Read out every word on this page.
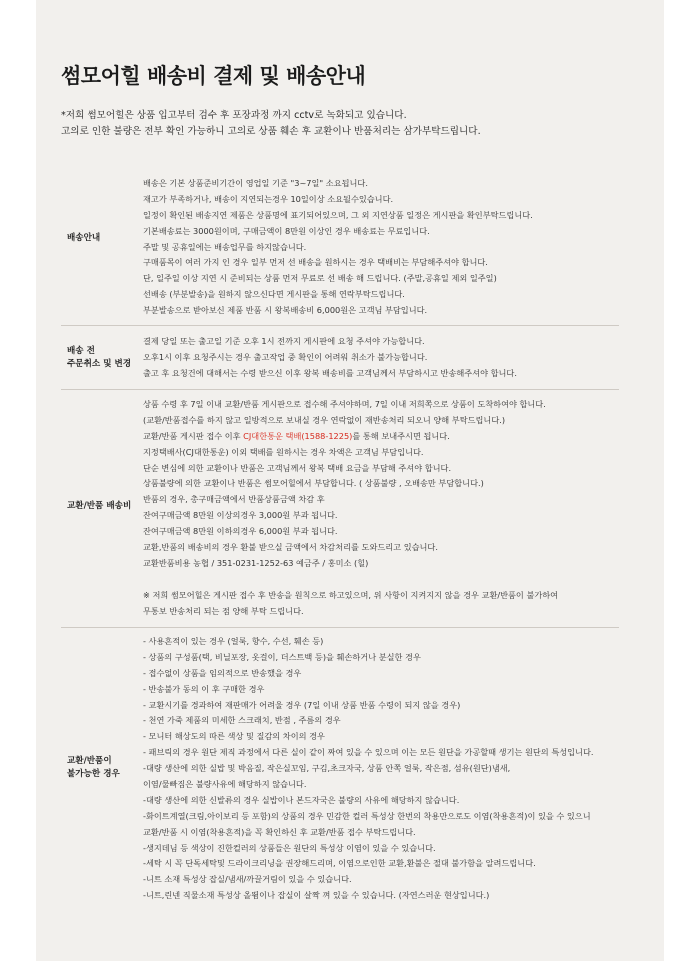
썸모어힐 배송비 결제 및 배송안내
*저희 썸모어힐은 상품 입고부터 검수 후 포장과정 까지 cctv로 녹화되고 있습니다.
고의로 인한 불량은 전부 확인 가능하니 고의로 상품 훼손 후 교환이나 반품처리는 삼가부탁드립니다.
배송안내
배송은 기본 상품준비기간이 영업일 기준 "3~7일" 소요됩니다.
재고가 부족하거나, 배송이 지연되는경우 10일이상 소요될수있습니다.
일정이 확인된 배송지연 제품은 상품명에 표기되어있으며, 그 외 지연상품 일정은 게시판을 확인부탁드립니다.
기본배송료는 3000원이며, 구매금액이 8만원 이상인 경우 배송료는 무료입니다.
주말 및 공휴일에는 배송업무를 하지않습니다.
구매품목이 여러 가지 인 경우 일부 먼저 선 배송을 원하시는 경우 택배비는 부담해주셔야 합니다.
단, 일주일 이상 지연 시 준비되는 상품 먼저 무료로 선 배송 해 드립니다. (주말,공휴일 제외 일주일)
선배송 (부분발송)을 원하지 않으신다면 게시판을 통해 연락부탁드립니다.
부분발송으로 받아보신 제품 반품 시 왕복배송비 6,000원은 고객님 부담입니다.
배송 전
주문취소 및 변경
결제 당일 또는 출고일 기준 오후 1시 전까지 게시판에 요청 주셔야 가능합니다.
오후1시 이후 요청주시는 경우 출고작업 중 확인이 어려워 취소가 불가능합니다.
출고 후 요청건에 대해서는 수령 받으신 이후 왕복 배송비를 고객님께서 부담하시고 반송해주셔야 합니다.
교환/반품 배송비
상품 수령 후 7일 이내 교환/반품 게시판으로 접수해 주셔야하며, 7일 이내 저희쪽으로 상품이 도착하여야 합니다.
(교환/반품접수를 하지 않고 일방적으로 보내실 경우 연락없이 재반송처리 되오니 양해 부탁드립니다.)
교환/반품 게시판 접수 이후 CJ대한통운 택배(1588-1225)를 통해 보내주시면 됩니다.
지정택배사(CJ대한통운) 이외 택배를 원하시는 경우 차액은 고객님 부담입니다.
단순 변심에 의한 교환이나 반품은 고객님께서 왕복 택배 요금을 부담해 주셔야 합니다.
상품불량에 의한 교환이나 반품은 썸모어힐에서 부담합니다. ( 상품불량 , 오배송만 부담합니다.)
반품의 경우, 총구매금액에서 반품상품금액 차감 후
잔여구매금액 8만원 이상의경우 3,000원 부과 됩니다.
잔여구매금액 8만원 이하의경우 6,000원 부과 됩니다.
교환,반품의 배송비의 경우 환불 받으실 금액에서 차감처리를 도와드리고 있습니다.
교환반품비용 농협 / 351-0231-1252-63 예금주 / 홍미소 (힐)
※ 저희 썸모어힐은 게시판 접수 후 반송을 원칙으로 하고있으며, 위 사항이 지켜지지 않을 경우 교환/반품이 불가하여
무통보 반송처리 되는 점 양해 부탁 드립니다.
교환/반품이
불가능한 경우
- 사용흔적이 있는 경우 (얼룩, 향수, 수선, 훼손 등)
- 상품의 구성품(택, 비닐포장, 옷걸이, 더스트백 등)을 훼손하거나 분실한 경우
- 접수없이 상품을 임의적으로 반송했을 경우
- 반송불가 동의 이 후 구매한 경우
- 교환시기를 경과하여 재판매가 어려울 경우 (7일 이내 상품 반품 수령이 되지 않을 경우)
- 천연 가죽 제품의 미세한 스크래치, 반점 , 주름의 경우
- 모니터 해상도의 따른 색상 및 질감의 차이의 경우
- 패브릭의 경우 원단 제직 과정에서 다른 실이 같이 짜여 있을 수 있으며 이는 모든 원단을 가공할때 생기는 원단의 특성입니다.
-대량 생산에 의한 실밥 및 박음질, 작은실꼬임, 구김,초크자국, 상품 안쪽 얼룩, 작은점, 섬유(원단)냄새,
이염/물빠짐은 불량사유에 해당하지 않습니다.
-대량 생산에 의한 신발류의 경우 실밥이나 본드자국은 불량의 사유에 해당하지 않습니다.
-화이트계열(크림,아이보리 등 포함)의 상품의 경우 민감한 컬러 특성상 한번의 착용만으로도 이염(착용흔적)이 있을 수 있으니
교환/반품 시 이염(착용흔적)을 꼭 확인하신 후 교환/반품 접수 부탁드립니다.
-생지데님 등 색상이 진한컬러의 상품들은 원단의 특성상 이염이 있을 수 있습니다.
-세탁 시 꼭 단독세탁및 드라이크리닝을 권장해드리며, 이염으로인한 교환,환불은 절대 불가함을 알려드립니다.
-니트 소재 특성상 잡실/냄새/까끌거림이 있을 수 있습니다.
-니트,린넨 직물소재 특성상 올뜀이나 잡실이 살짝 껴 있을 수 있습니다. (자연스러운 현상입니다.)
